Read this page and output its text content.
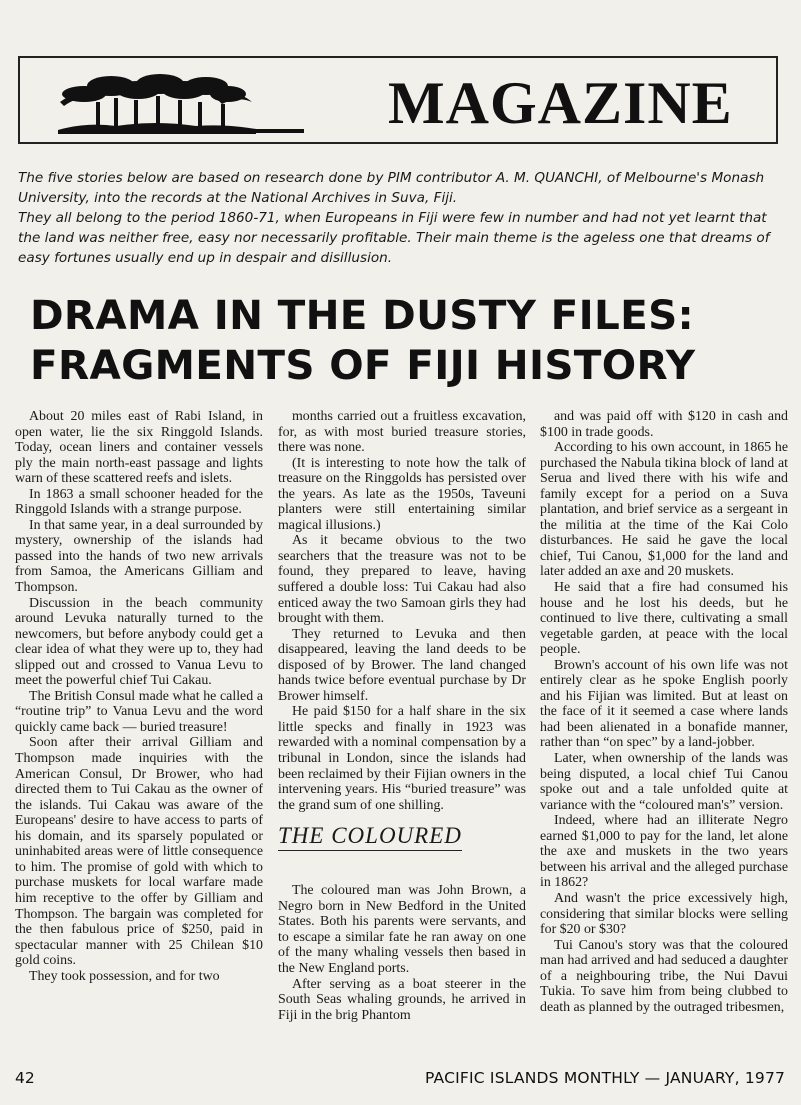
MAGAZINE

The five stories below are based on research done by PIM contributor A. M. QUANCHI, of Melbourne's Monash University, into the records at the National Archives in Suva, Fiji.

They all belong to the period 1860-71, when Europeans in Fiji were few in number and had not yet learnt that the land was neither free, easy nor necessarily profitable. Their main theme is the ageless one that dreams of easy fortunes usually end up in despair and disillusion.

DRAMA IN THE DUSTY FILES:
FRAGMENTS OF FIJI HISTORY

About 20 miles east of Rabi Island, in open water, lie the six Ringgold Islands. Today, ocean liners and container vessels ply the main north-east passage and lights warn of these scattered reefs and islets.

In 1863 a small schooner headed for the Ringgold Islands with a strange purpose.

In that same year, in a deal surrounded by mystery, ownership of the islands had passed into the hands of two new arrivals from Samoa, the Americans Gilliam and Thompson.

Discussion in the beach community around Levuka naturally turned to the newcomers, but before anybody could get a clear idea of what they were up to, they had slipped out and crossed to Vanua Levu to meet the powerful chief Tui Cakau.

The British Consul made what he called a “routine trip” to Vanua Levu and the word quickly came back — buried treasure!

Soon after their arrival Gilliam and Thompson made inquiries with the American Consul, Dr Brower, who had directed them to Tui Cakau as the owner of the islands. Tui Cakau was aware of the Europeans' desire to have access to parts of his domain, and its sparsely populated or uninhabited areas were of little consequence to him. The promise of gold with which to purchase muskets for local warfare made him receptive to the offer by Gilliam and Thompson. The bargain was completed for the then fabulous price of $250, paid in spectacular manner with 25 Chilean $10 gold coins.

They took possession, and for two

months carried out a fruitless excavation, for, as with most buried treasure stories, there was none.

(It is interesting to note how the talk of treasure on the Ringgolds has persisted over the years. As late as the 1950s, Taveuni planters were still entertaining similar magical illusions.)

As it became obvious to the two searchers that the treasure was not to be found, they prepared to leave, having suffered a double loss: Tui Cakau had also enticed away the two Samoan girls they had brought with them.

They returned to Levuka and then disappeared, leaving the land deeds to be disposed of by Brower. The land changed hands twice before eventual purchase by Dr Brower himself.

He paid $150 for a half share in the six little specks and finally in 1923 was rewarded with a nominal compensation by a tribunal in London, since the islands had been reclaimed by their Fijian owners in the intervening years. His “buried treasure” was the grand sum of one shilling.

THE COLOURED

The coloured man was John Brown, a Negro born in New Bedford in the United States. Both his parents were servants, and to escape a similar fate he ran away on one of the many whaling vessels then based in the New England ports.

After serving as a boat steerer in the South Seas whaling grounds, he arrived in Fiji in the brig Phantom

and was paid off with $120 in cash and $100 in trade goods.

According to his own account, in 1865 he purchased the Nabula tikina block of land at Serua and lived there with his wife and family except for a period on a Suva plantation, and brief service as a sergeant in the militia at the time of the Kai Colo disturbances. He said he gave the local chief, Tui Canou, $1,000 for the land and later added an axe and 20 muskets.

He said that a fire had consumed his house and he lost his deeds, but he continued to live there, cultivating a small vegetable garden, at peace with the local people.

Brown's account of his own life was not entirely clear as he spoke English poorly and his Fijian was limited. But at least on the face of it it seemed a case where lands had been alienated in a bonafide manner, rather than “on spec” by a land-jobber.

Later, when ownership of the lands was being disputed, a local chief Tui Canou spoke out and a tale unfolded quite at variance with the “coloured man's” version.

Indeed, where had an illiterate Negro earned $1,000 to pay for the land, let alone the axe and muskets in the two years between his arrival and the alleged purchase in 1862?

And wasn't the price excessively high, considering that similar blocks were selling for $20 or $30?

Tui Canou's story was that the coloured man had arrived and had seduced a daughter of a neighbouring tribe, the Nui Davui Tukia. To save him from being clubbed to death as planned by the outraged tribesmen,

42	PACIFIC ISLANDS MONTHLY — JANUARY, 1977
